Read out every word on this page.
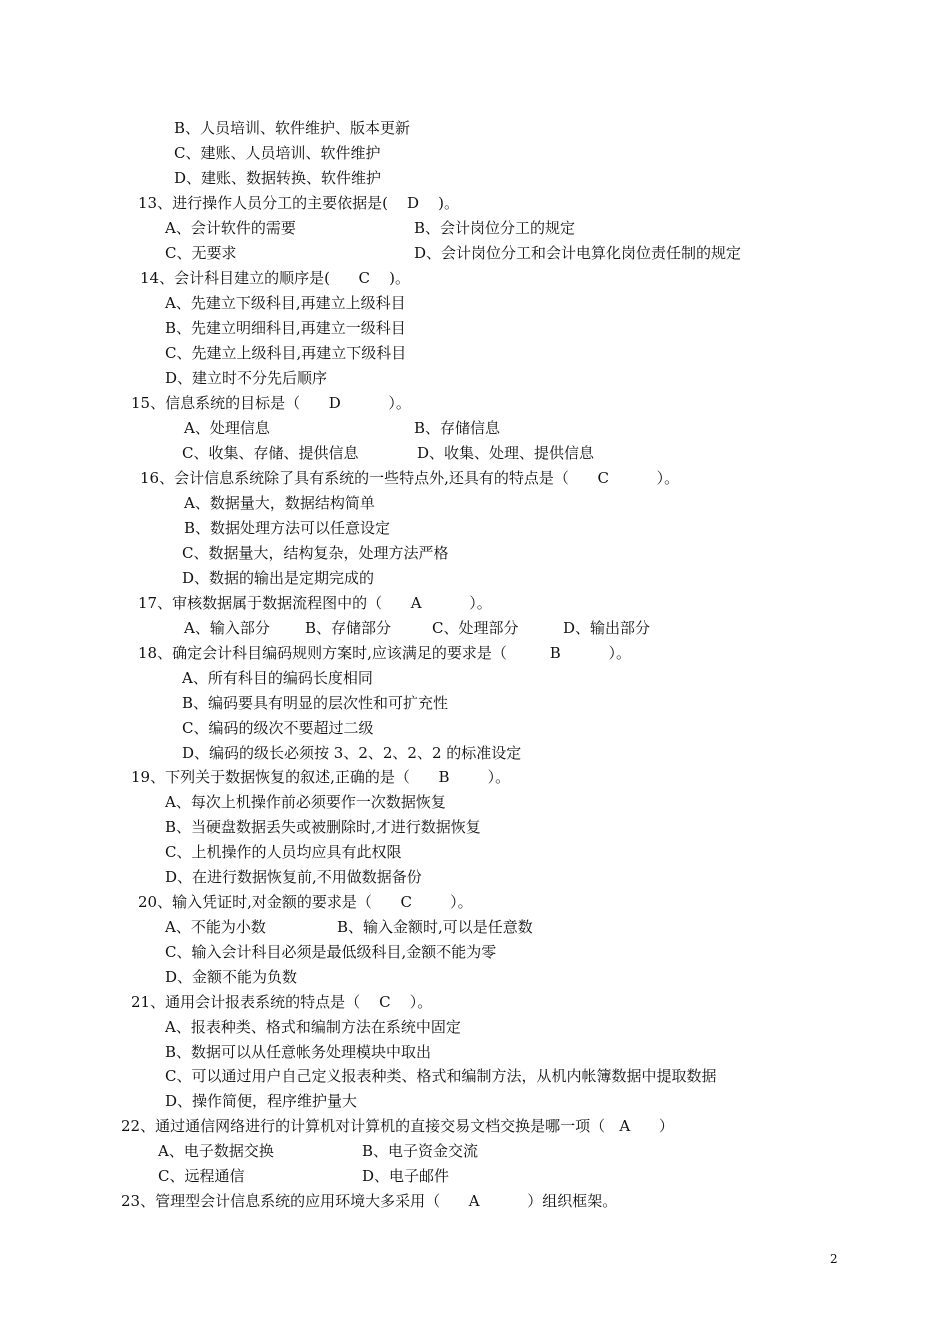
B、人员培训、软件维护、版本更新
C、建账、人员培训、软件维护
D、建账、数据转换、软件维护
13、进行操作人员分工的主要依据是(    D    )。
A、会计软件的需要	B、会计岗位分工的规定
C、无要求	D、会计岗位分工和会计电算化岗位责任制的规定
14、会计科目建立的顺序是(      C    )。
A、先建立下级科目,再建立上级科目
B、先建立明细科目,再建立一级科目
C、先建立上级科目,再建立下级科目
D、建立时不分先后顺序
15、信息系统的目标是（      D          ）。
A、处理信息	B、存储信息
C、收集、存储、提供信息	D、收集、处理、提供信息
16、会计信息系统除了具有系统的一些特点外,还具有的特点是（      C          ）。
A、数据量大，数据结构简单
B、数据处理方法可以任意设定
C、数据量大，结构复杂，处理方法严格
D、数据的输出是定期完成的
17、审核数据属于数据流程图中的（      A          ）。
A、输入部分 B、存储部分	C、处理部分	D、输出部分
18、确定会计科目编码规则方案时,应该满足的要求是（         B          ）。
A、所有科目的编码长度相同
B、编码要具有明显的层次性和可扩充性
C、编码的级次不要超过二级
D、编码的级长必须按 3、2、2、2、2 的标准设定
19、下列关于数据恢复的叙述,正确的是（      B        ）。
A、每次上机操作前必须要作一次数据恢复
B、当硬盘数据丢失或被删除时,才进行数据恢复
C、上机操作的人员均应具有此权限
D、在进行数据恢复前,不用做数据备份
20、输入凭证时,对金额的要求是（      C        ）。
A、不能为小数	B、输入金额时,可以是任意数
C、输入会计科目必须是最低级科目,金额不能为零
D、金额不能为负数
21、通用会计报表系统的特点是（    C    ）。
A、报表种类、格式和编制方法在系统中固定
B、数据可以从任意帐务处理模块中取出
C、可以通过用户自己定义报表种类、格式和编制方法，从机内帐簿数据中提取数据
D、操作简便，程序维护量大
22、通过通信网络进行的计算机对计算机的直接交易文档交换是哪一项（   A      ）
A、电子数据交换	B、电子资金交流
C、远程通信	D、电子邮件
23、管理型会计信息系统的应用环境大多采用（      A          ）组织框架。
2
